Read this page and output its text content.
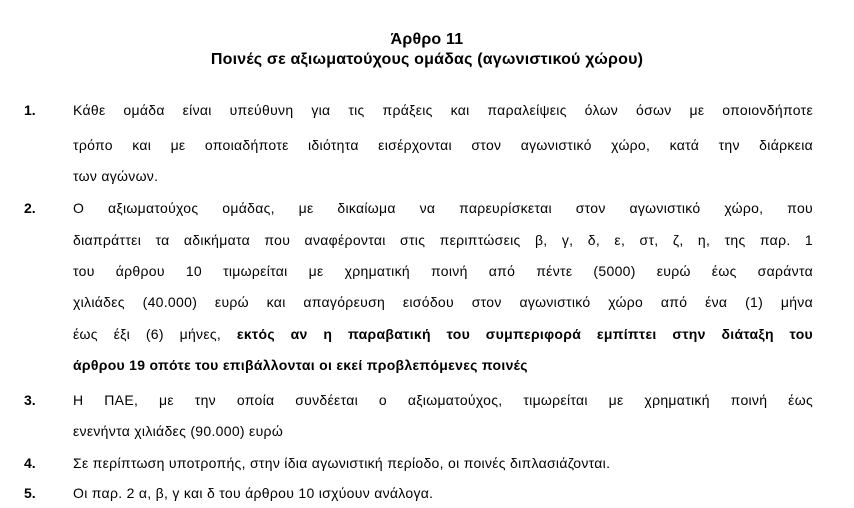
Άρθρο 11
Ποινές σε αξιωματούχους ομάδας (αγωνιστικού χώρου)
1.	Κάθε ομάδα είναι υπεύθυνη για τις πράξεις και παραλείψεις όλων όσων με οποιονδήποτε
τρόπο και με οποιαδήποτε ιδιότητα εισέρχονται στον αγωνιστικό χώρο, κατά την διάρκεια
των αγώνων.
2.	Ο αξιωματούχος ομάδας, με δικαίωμα να παρευρίσκεται στον αγωνιστικό χώρο, που
διαπράττει τα αδικήματα που αναφέρονται στις περιπτώσεις β, γ, δ, ε, στ, ζ, η, της παρ. 1
του άρθρου 10 τιμωρείται με χρηματική ποινή από πέντε (5000) ευρώ έως σαράντα
χιλιάδες (40.000) ευρώ και απαγόρευση εισόδου στον αγωνιστικό χώρο από ένα (1) μήνα
έως έξι (6) μήνες, εκτός αν η παραβατική του συμπεριφορά εμπίπτει στην διάταξη του
άρθρου 19 οπότε του επιβάλλονται οι εκεί προβλεπόμενες ποινές
3.	Η ΠΑΕ, με την οποία συνδέεται ο αξιωματούχος, τιμωρείται με χρηματική ποινή έως
ενενήντα χιλιάδες (90.000) ευρώ
4.	Σε περίπτωση υποτροπής, στην ίδια αγωνιστική περίοδο, οι ποινές διπλασιάζονται.
5.	Οι παρ. 2 α, β, γ και δ του άρθρου 10 ισχύουν ανάλογα.
